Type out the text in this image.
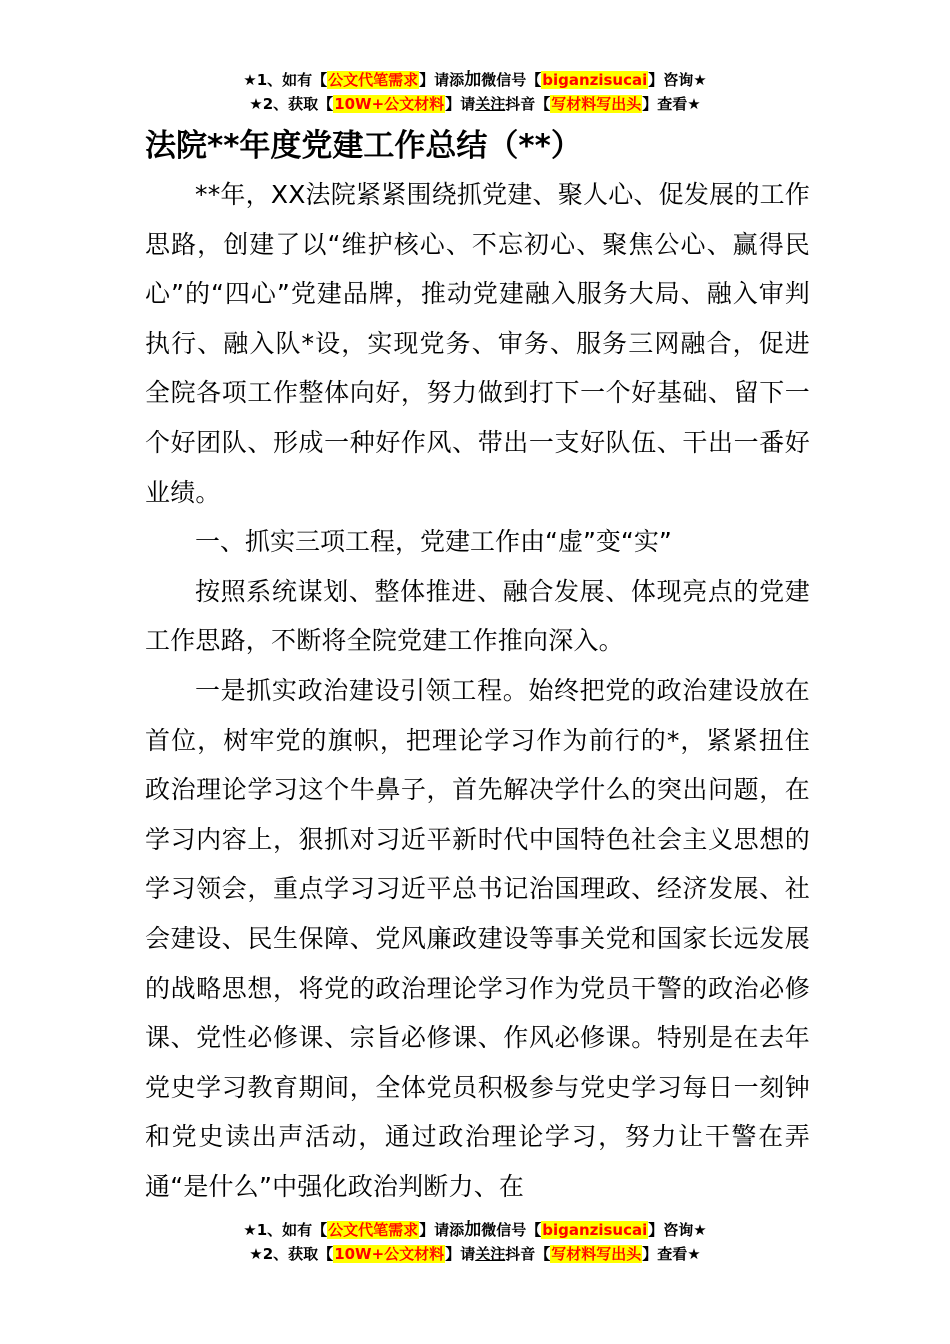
★1、如有【公文代笔需求】请添加微信号【biganzisucai】咨询★
★2、获取【10W+公文材料】请关注抖音【写材料写出头】查看★
法院**年度党建工作总结（**）

**年，XX法院紧紧围绕抓党建、聚人心、促发展的工作思路，创建了以“维护核心、不忘初心、聚焦公心、赢得民心”的“四心”党建品牌，推动党建融入服务大局、融入审判执行、融入队*设，实现党务、审务、服务三网融合，促进全院各项工作整体向好，努力做到打下一个好基础、留下一个好团队、形成一种好作风、带出一支好队伍、干出一番好业绩。

一、抓实三项工程，党建工作由“虚”变“实”

按照系统谋划、整体推进、融合发展、体现亮点的党建工作思路，不断将全院党建工作推向深入。

一是抓实政治建设引领工程。始终把党的政治建设放在首位，树牢党的旗帜，把理论学习作为前行的*，紧紧扭住政治理论学习这个牛鼻子，首先解决学什么的突出问题，在学习内容上，狠抓对习近平新时代中国特色社会主义思想的学习领会，重点学习习近平总书记治国理政、经济发展、社会建设、民生保障、党风廉政建设等事关党和国家长远发展的战略思想，将党的政治理论学习作为党员干警的政治必修课、党性必修课、宗旨必修课、作风必修课。特别是在去年党史学习教育期间，全体党员积极参与党史学习每日一刻钟和党史读出声活动，通过政治理论学习，努力让干警在弄通“是什么”中强化政治判断力、在

★1、如有【公文代笔需求】请添加微信号【biganzisucai】咨询★
★2、获取【10W+公文材料】请关注抖音【写材料写出头】查看★
